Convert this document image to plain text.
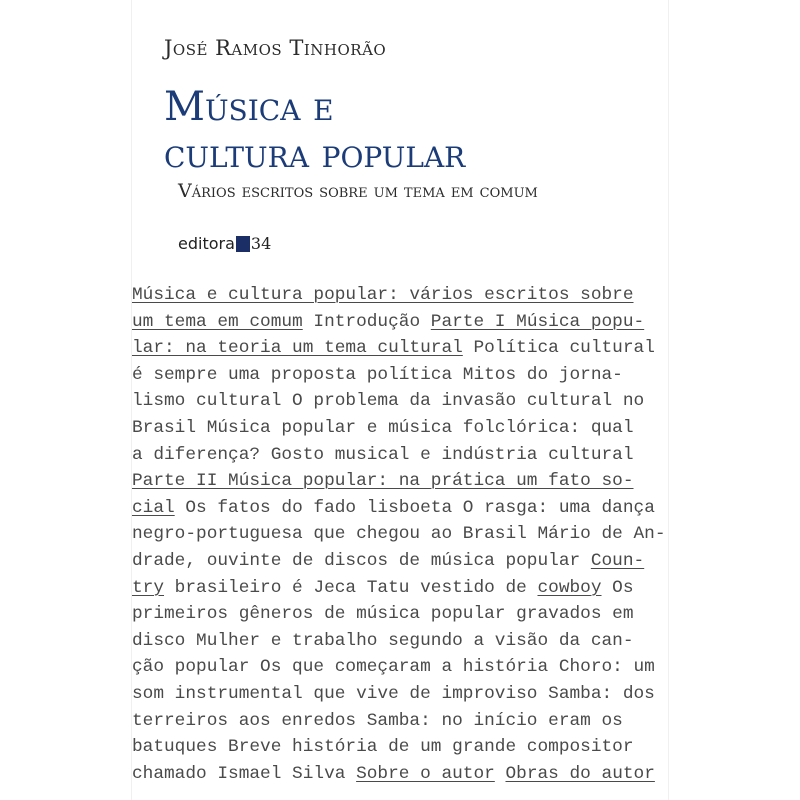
José Ramos Tinhorão
Música e
cultura popular
Vários escritos sobre um tema em comum
editora 34
Música e cultura popular: vários escritos sobre
um tema em comum Introdução Parte I Música popu-
lar: na teoria um tema cultural Política cultural
é sempre uma proposta política Mitos do jorna-
lismo cultural O problema da invasão cultural no
Brasil Música popular e música folclórica: qual
a diferença? Gosto musical e indústria cultural
Parte II Música popular: na prática um fato so-
cial Os fatos do fado lisboeta O rasga: uma dança
negro-portuguesa que chegou ao Brasil Mário de An-
drade, ouvinte de discos de música popular Coun-
try brasileiro é Jeca Tatu vestido de cowboy Os
primeiros gêneros de música popular gravados em
disco Mulher e trabalho segundo a visão da can-
ção popular Os que começaram a história Choro: um
som instrumental que vive de improviso Samba: dos
terreiros aos enredos Samba: no início eram os
batuques Breve história de um grande compositor
chamado Ismael Silva Sobre o autor Obras do autor
